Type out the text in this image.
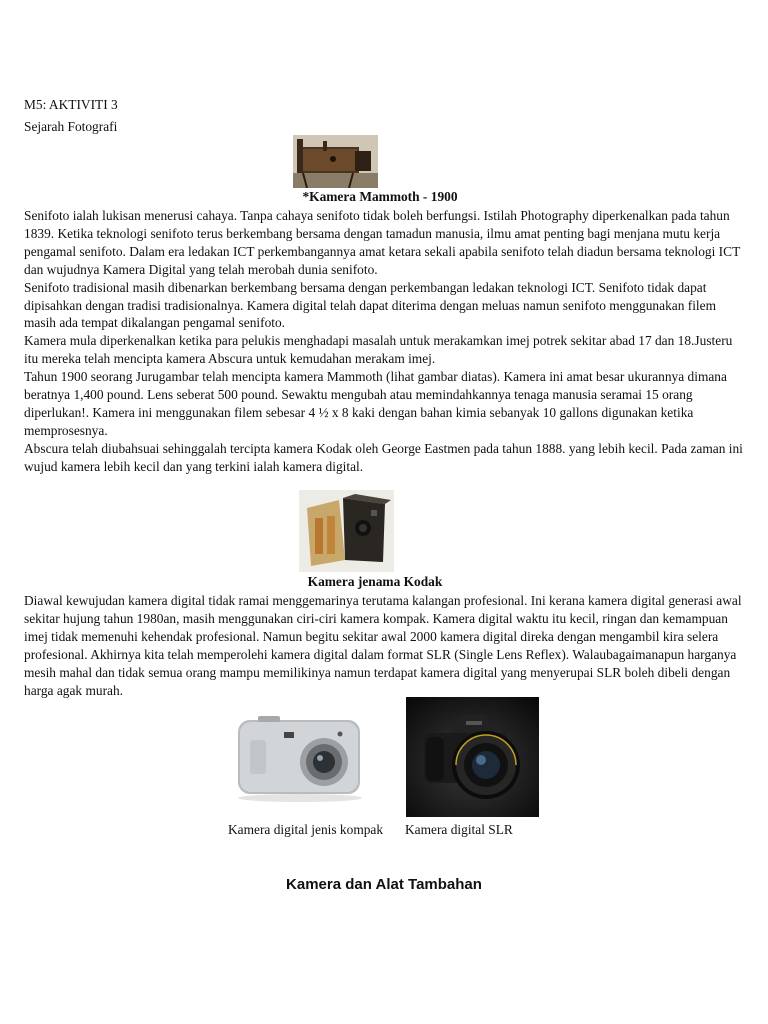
M5: AKTIVITI 3
Sejarah Fotografi
*Kamera Mammoth - 1900

Senifoto ialah lukisan menerusi cahaya. Tanpa cahaya senifoto tidak boleh berfungsi. Istilah Photography diperkenalkan pada tahun 1839. Ketika teknologi senifoto terus berkembang bersama dengan tamadun manusia, ilmu amat penting bagi menjana mutu kerja pengamal senifoto. Dalam era ledakan ICT perkembangannya amat ketara sekali apabila senifoto telah diadun bersama teknologi ICT dan wujudnya Kamera Digital yang telah merobah dunia senifoto.

Senifoto tradisional masih dibenarkan berkembang bersama dengan perkembangan ledakan teknologi ICT. Senifoto tidak dapat dipisahkan dengan tradisi tradisionalnya. Kamera digital telah dapat diterima dengan meluas namun senifoto menggunakan filem masih ada tempat dikalangan pengamal senifoto.

Kamera mula diperkenalkan ketika para pelukis menghadapi masalah untuk merakamkan imej potrek sekitar abad 17 dan 18.Justeru itu mereka telah mencipta kamera Abscura untuk kemudahan merakam imej.

Tahun 1900 seorang Jurugambar telah mencipta kamera Mammoth (lihat gambar diatas). Kamera ini amat besar ukurannya dimana beratnya 1,400 pound. Lens seberat 500 pound. Sewaktu mengubah atau memindahkannya tenaga manusia seramai 15 orang diperlukan!. Kamera ini menggunakan filem sebesar 4 ½ x 8 kaki dengan bahan kimia sebanyak 10 gallons digunakan ketika memprosesnya.

Abscura telah diubahsuai sehinggalah tercipta kamera Kodak oleh George Eastmen pada tahun 1888. yang lebih kecil. Pada zaman ini wujud kamera lebih kecil dan yang terkini ialah kamera digital.

Kamera jenama Kodak

Diawal kewujudan kamera digital tidak ramai menggemarinya terutama kalangan profesional. Ini kerana kamera digital generasi awal sekitar hujung tahun 1980an, masih menggunakan ciri-ciri kamera kompak. Kamera digital waktu itu kecil, ringan dan kemampuan imej tidak memenuhi kehendak profesional. Namun begitu sekitar awal 2000 kamera digital direka dengan mengambil kira selera profesional. Akhirnya kita telah memperolehi kamera digital dalam format SLR (Single Lens Reflex). Walaubagaimanapun harganya mesih mahal dan tidak semua orang mampu memilikinya namun terdapat kamera digital yang menyerupai SLR boleh dibeli dengan harga agak murah.

Kamera digital jenis kompak Kamera digital SLR
Kamera dan Alat Tambahan
